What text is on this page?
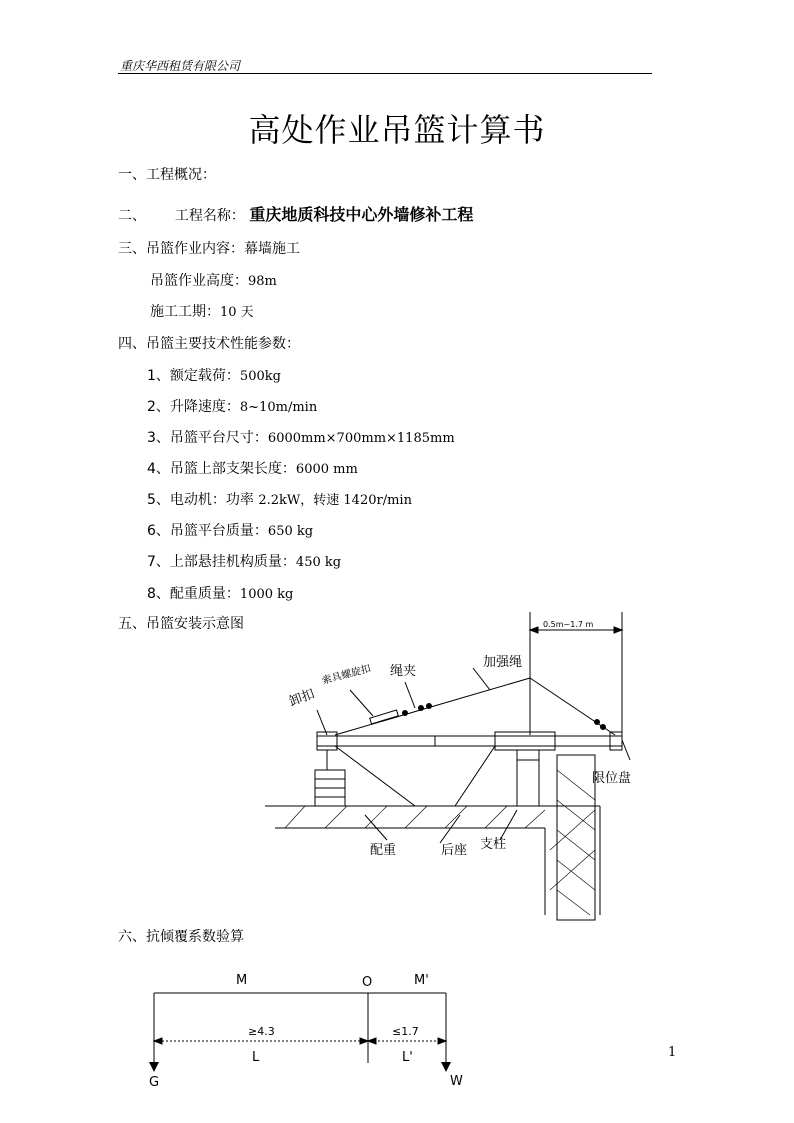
重庆华西租赁有限公司
高处作业吊篮计算书
一、工程概况：
二、 工程名称： 重庆地质科技中心外墙修补工程
三、吊篮作业内容：幕墙施工
吊篮作业高度：98m
施工工期：10 天
四、吊篮主要技术性能参数：
1、额定载荷：500kg
2、升降速度：8~10m/min
3、吊篮平台尺寸：6000mm×700mm×1185mm
4、吊篮上部支架长度：6000 mm
5、电动机：功率 2.2kW，转速 1420r/min
6、吊篮平台质量：650 kg
7、上部悬挂机构质量：450 kg
8、配重质量：1000 kg
五、吊篮安装示意图	0.5m~1.7 m
卸扣
索具螺旋扣 绳夹
加强绳
限位盘
配重	后座 支柱
六、抗倾覆系数验算
M	O	M'
≥4.3	≤1.7
L	L'
G	W
1
